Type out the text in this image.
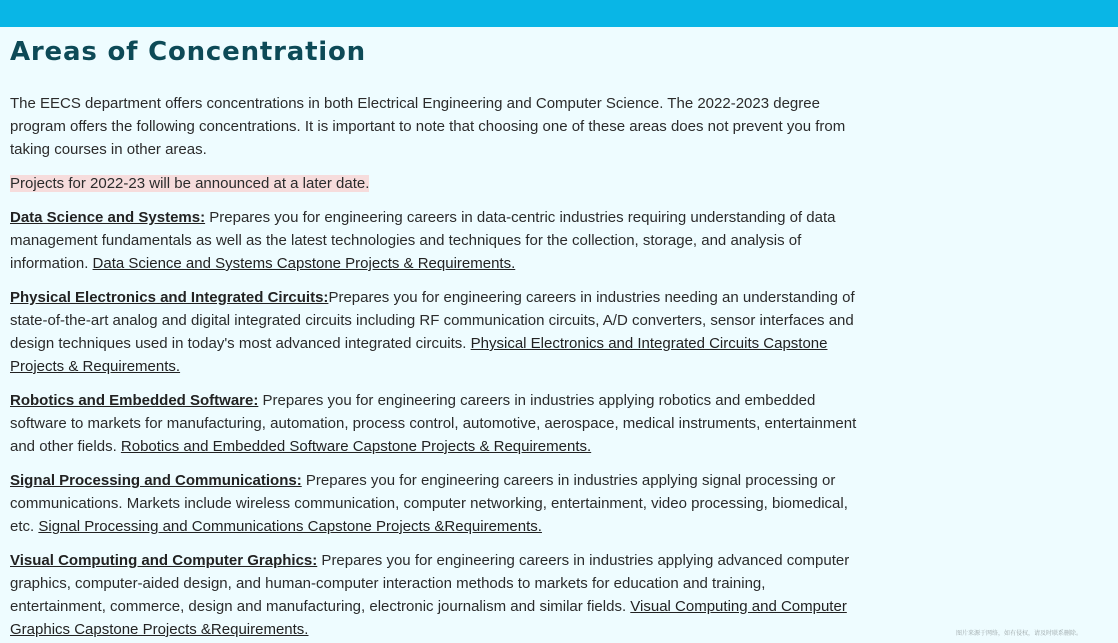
Areas of Concentration

The EECS department offers concentrations in both Electrical Engineering and Computer Science. The 2022-2023 degree program offers the following concentrations. It is important to note that choosing one of these areas does not prevent you from taking courses in other areas.

Projects for 2022-23 will be announced at a later date.

Data Science and Systems: Prepares you for engineering careers in data-centric industries requiring understanding of data management fundamentals as well as the latest technologies and techniques for the collection, storage, and analysis of information. Data Science and Systems Capstone Projects & Requirements.

Physical Electronics and Integrated Circuits:Prepares you for engineering careers in industries needing an understanding of state-of-the-art analog and digital integrated circuits including RF communication circuits, A/D converters, sensor interfaces and design techniques used in today's most advanced integrated circuits. Physical Electronics and Integrated Circuits Capstone Projects & Requirements.

Robotics and Embedded Software: Prepares you for engineering careers in industries applying robotics and embedded software to markets for manufacturing, automation, process control, automotive, aerospace, medical instruments, entertainment and other fields. Robotics and Embedded Software Capstone Projects & Requirements.

Signal Processing and Communications: Prepares you for engineering careers in industries applying signal processing or communications. Markets include wireless communication, computer networking, entertainment, video processing, biomedical, etc. Signal Processing and Communications Capstone Projects &Requirements.

Visual Computing and Computer Graphics: Prepares you for engineering careers in industries applying advanced computer graphics, computer-aided design, and human-computer interaction methods to markets for education and training, entertainment, commerce, design and manufacturing, electronic journalism and similar fields. Visual Computing and Computer Graphics Capstone Projects &Requirements.	图片来源于网络，如有侵权，请及时联系删除。
